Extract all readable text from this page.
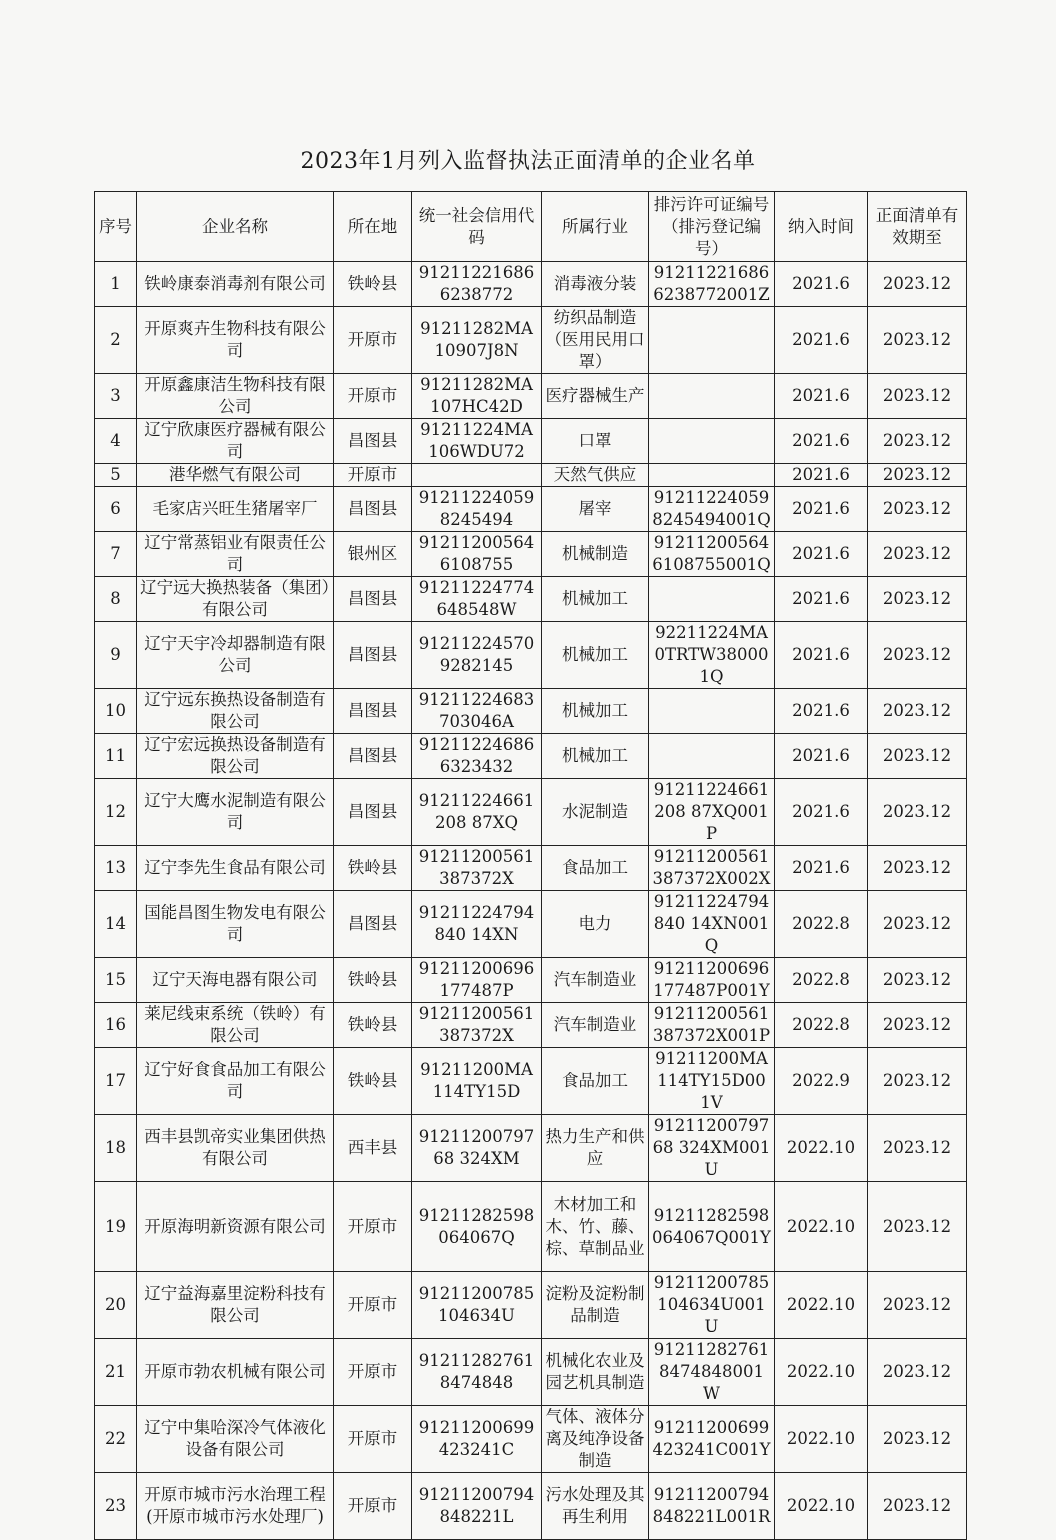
2023年1月列入监督执法正面清单的企业名单
序号	企业名称	所在地	统一社会信用代码	所属行业	排污许可证编号（排污登记编号）	纳入时间	正面清单有效期至
1	铁岭康泰消毒剂有限公司	铁岭县	912112216866238772	消毒液分装	912112216866238772001Z	2021.6	2023.12
2	开原爽卉生物科技有限公司	开原市	91211282MA10907J8N	纺织品制造（医用民用口罩）		2021.6	2023.12
3	开原鑫康洁生物科技有限公司	开原市	91211282MA107HC42D	医疗器械生产		2021.6	2023.12
4	辽宁欣康医疗器械有限公司	昌图县	91211224MA106WDU72	口罩		2021.6	2023.12
5	港华燃气有限公司	开原市		天然气供应		2021.6	2023.12
6	毛家店兴旺生猪屠宰厂	昌图县	912112240598245494	屠宰	912112240598245494001Q	2021.6	2023.12
7	辽宁常蒸铝业有限责任公司	银州区	912112005646108755	机械制造	912112005646108755001Q	2021.6	2023.12
8	辽宁远大换热装备（集团）有限公司	昌图县	91211224774648548W	机械加工		2021.6	2023.12
9	辽宁天宇冷却器制造有限公司	昌图县	912112245709282145	机械加工	92211224MA0TRTW380001Q	2021.6	2023.12
10	辽宁远东换热设备制造有限公司	昌图县	91211224683703046A	机械加工		2021.6	2023.12
11	辽宁宏远换热设备制造有限公司	昌图县	912112246866323432	机械加工		2021.6	2023.12
12	辽宁大鹰水泥制造有限公司	昌图县	91211224661208 87XQ	水泥制造	91211224661208 87XQ001P	2021.6	2023.12
13	辽宁李先生食品有限公司	铁岭县	91211200561387372X	食品加工	91211200561387372X002X	2021.6	2023.12
14	国能昌图生物发电有限公司	昌图县	91211224794840 14XN	电力	91211224794840 14XN001Q	2022.8	2023.12
15	辽宁天海电器有限公司	铁岭县	91211200696177487P	汽车制造业	91211200696177487P001Y	2022.8	2023.12
16	莱尼线束系统（铁岭）有限公司	铁岭县	91211200561387372X	汽车制造业	91211200561387372X001P	2022.8	2023.12
17	辽宁好食食品加工有限公司	铁岭县	91211200MA114TY15D	食品加工	91211200MA114TY15D001V	2022.9	2023.12
18	西丰县凯帝实业集团供热有限公司	西丰县	9121120079768 324XM	热力生产和供应	9121120079768 324XM001U	2022.10	2023.12
19	开原海明新资源有限公司	开原市	91211282598064067Q	木材加工和木、竹、藤、棕、草制品业	91211282598064067Q001Y	2022.10	2023.12
20	辽宁益海嘉里淀粉科技有限公司	开原市	91211200785104634U	淀粉及淀粉制品制造	91211200785104634U001U	2022.10	2023.12
21	开原市勃农机械有限公司	开原市	912112827618474848	机械化农业及园艺机具制造	912112827618474848001W	2022.10	2023.12
22	辽宁中集哈深冷气体液化设备有限公司	开原市	91211200699423241C	气体、液体分离及纯净设备制造	91211200699423241C001Y	2022.10	2023.12
23	开原市城市污水治理工程(开原市城市污水处理厂)	开原市	91211200794848221L	污水处理及其再生利用	91211200794848221L001R	2022.10	2023.12
